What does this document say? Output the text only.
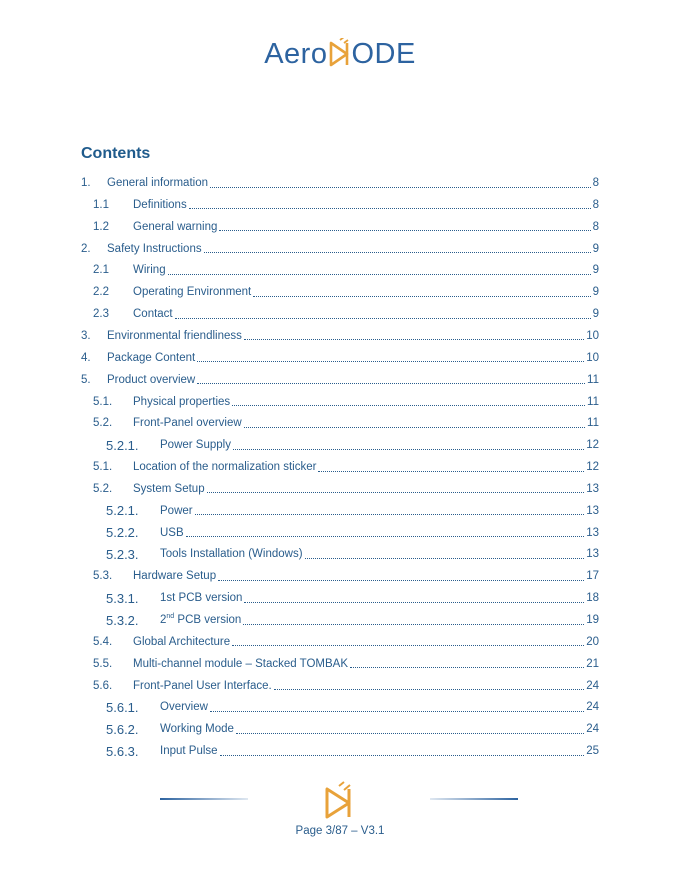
Aero ODE
Contents
1.	General information	8
1.1	Definitions	8
1.2	General warning	8
2.	Safety Instructions	9
2.1	Wiring	9
2.2	Operating Environment	9
2.3	Contact	9
3.	Environmental friendliness	10
4.	Package Content	10
5.	Product overview	11
5.1.	Physical properties	11
5.2.	Front-Panel overview	11
5.2.1.	Power Supply	12
5.1.	Location of the normalization sticker	12
5.2.	System Setup	13
5.2.1.	Power	13
5.2.2.	USB	13
5.2.3.	Tools Installation (Windows)	13
5.3.	Hardware Setup	17
5.3.1.	1st PCB version	18
5.3.2.	2nd PCB version	19
5.4.	Global Architecture	20
5.5.	Multi-channel module – Stacked TOMBAK	21
5.6.	Front-Panel User Interface.	24
5.6.1.	Overview	24
5.6.2.	Working Mode	24
5.6.3.	Input Pulse	25
Page 3/87 – V3.1
